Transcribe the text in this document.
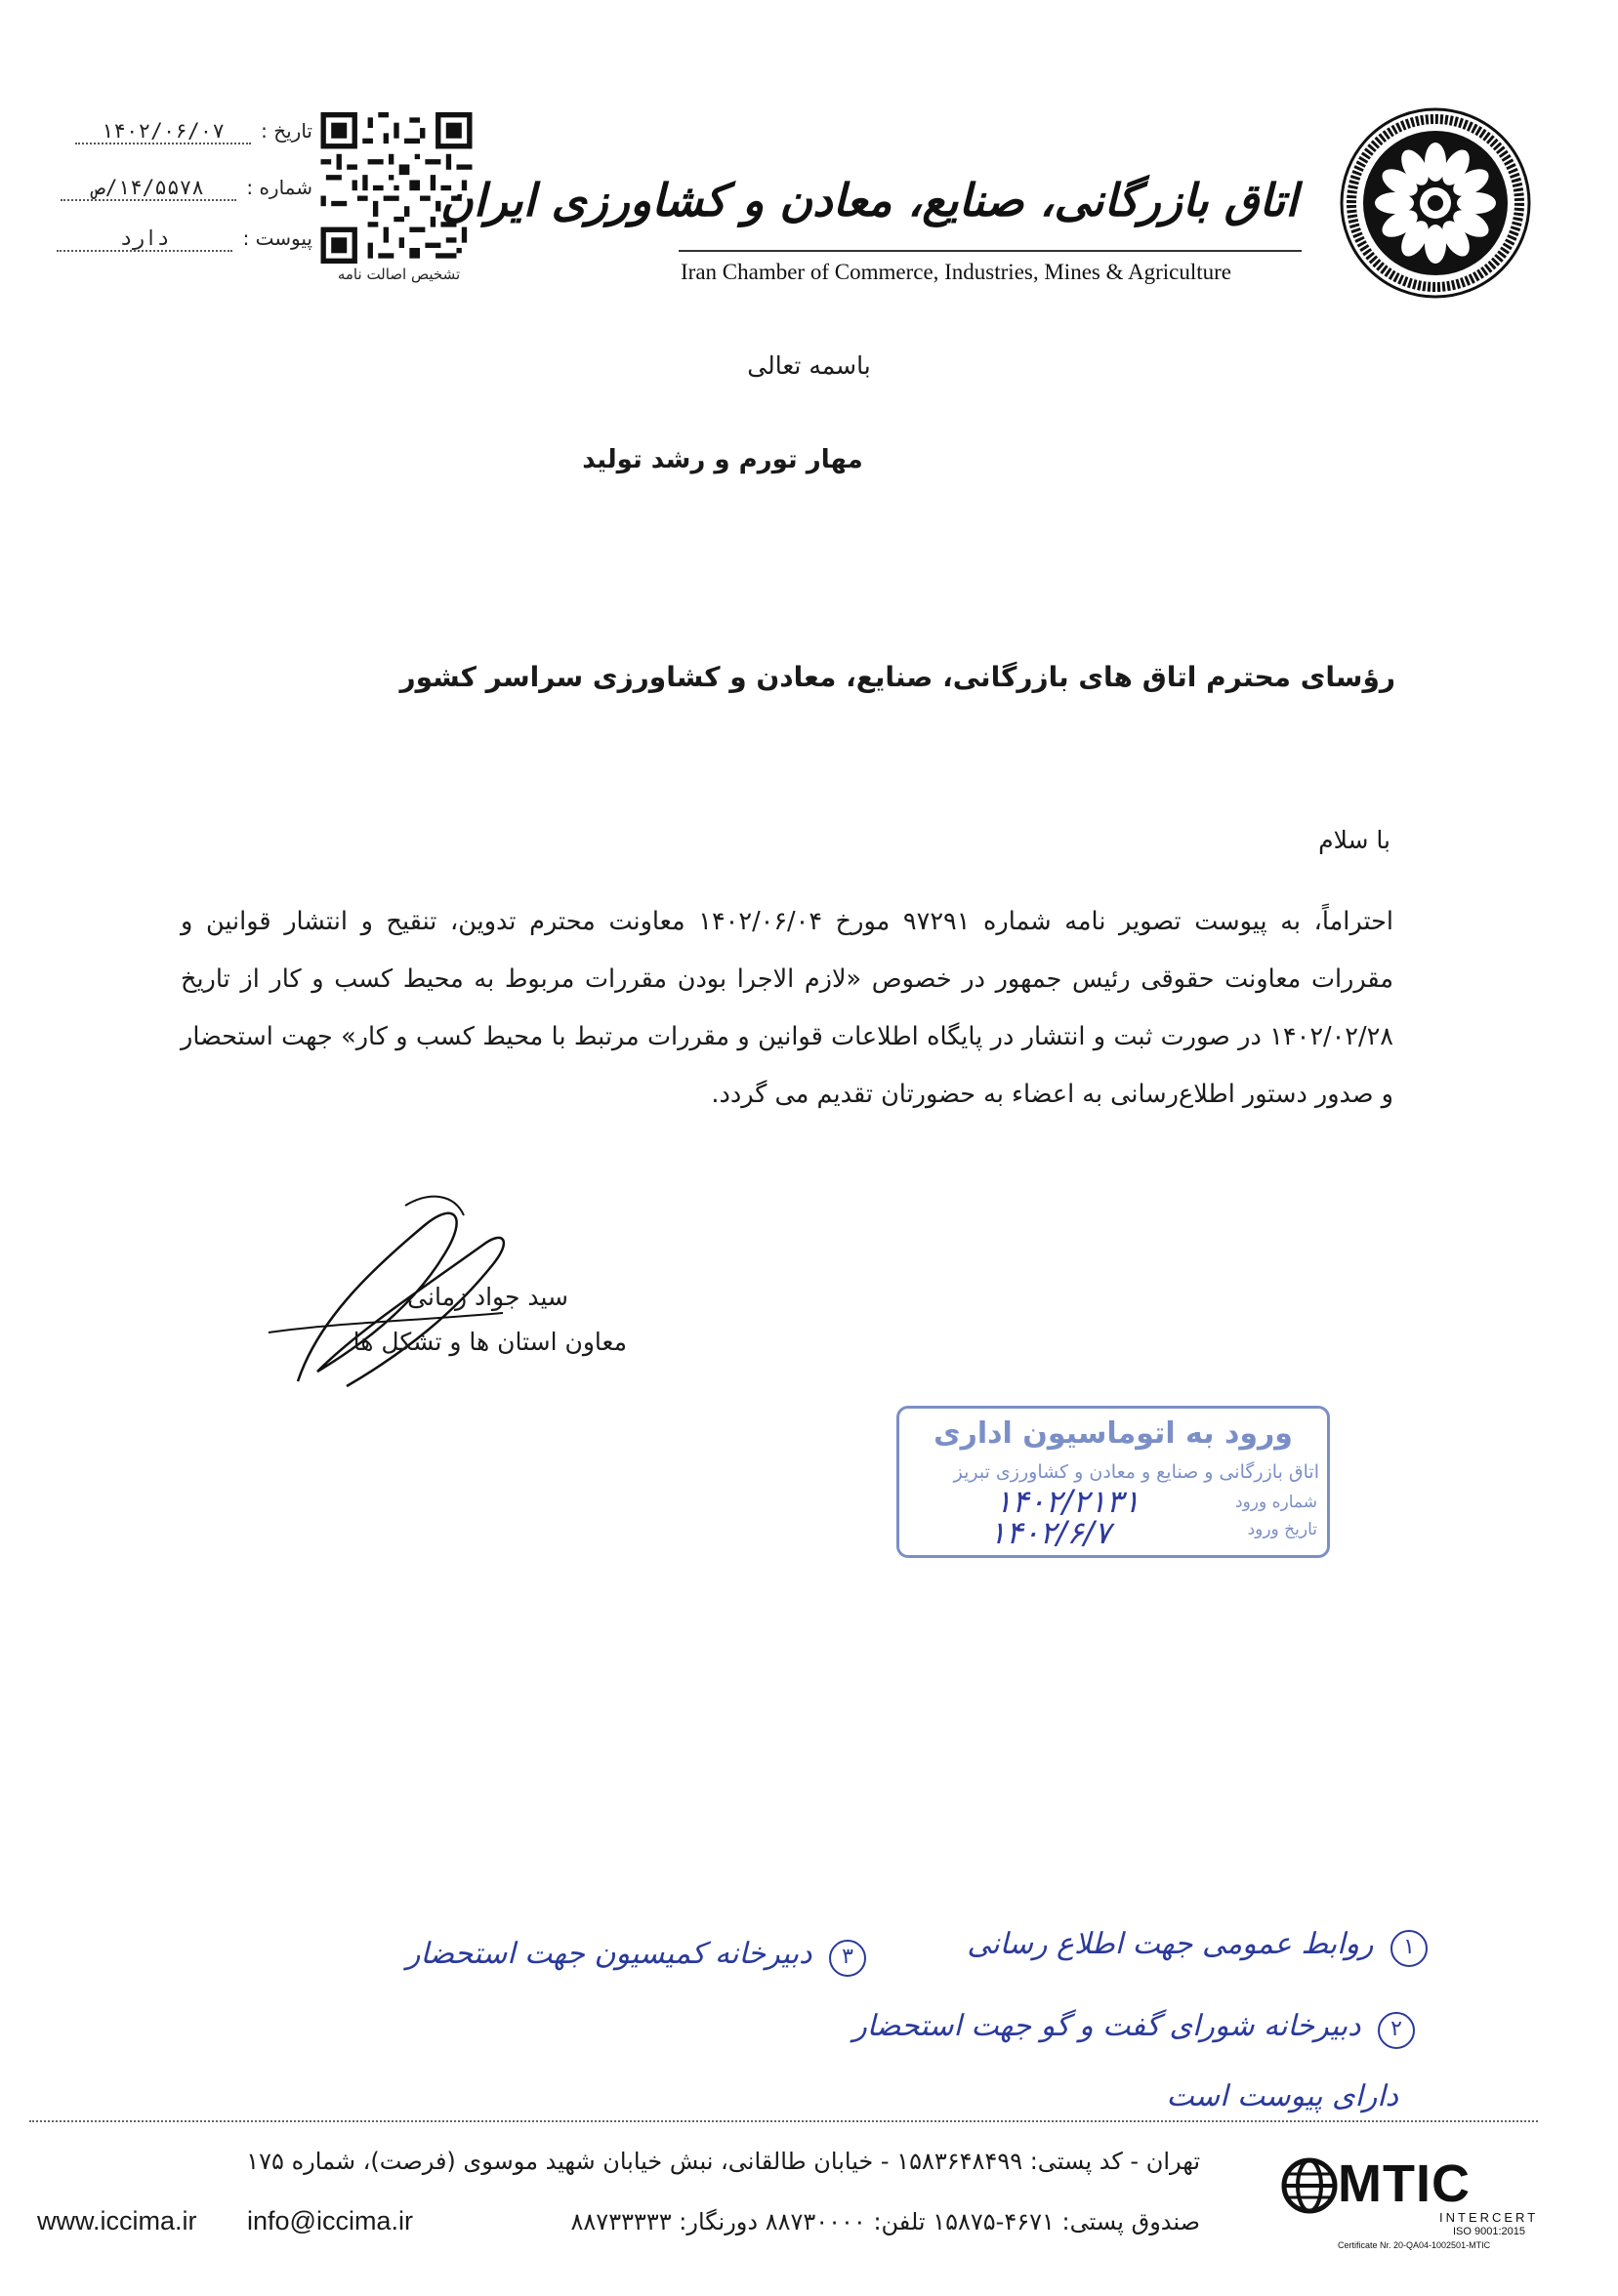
تشخیص اصالت نامه
تاریخ : ۱۴۰۲/۰۶/۰۷
شماره : ۱۴/۵۵۷۸/ص
پیوست : دارد
اتاق بازرگانی، صنایع، معادن و کشاورزی ایران
Iran Chamber of Commerce, Industries, Mines & Agriculture
باسمه تعالی
مهار تورم و رشد تولید
رؤسای محترم اتاق های بازرگانی، صنایع، معادن و کشاورزی سراسر کشور
با سلام
احتراماً، به پیوست تصویر نامه شماره ۹۷۲۹۱ مورخ ۱۴۰۲/۰۶/۰۴ معاونت محترم تدوین، تنقیح و انتشار قوانین و مقررات معاونت حقوقی رئیس جمهور در خصوص «لازم الاجرا بودن مقررات مربوط به محیط کسب و کار از تاریخ ۱۴۰۲/۰۲/۲۸ در صورت ثبت و انتشار در پایگاه اطلاعات قوانین و مقررات مرتبط با محیط کسب و کار» جهت استحضار و صدور دستور اطلاع‌رسانی به اعضاء به حضورتان تقدیم می گردد.
سید جواد زمانی
معاون استان ها و تشکل ها
ورود به اتوماسیون اداری
اتاق بازرگانی و صنایع و معادن و کشاورزی تبریز
شماره ورود
تاریخ ورود
۱۴۰۲/۲۱۳۱
۱۴۰۲/۶/۷
۱ روابط عمومی جهت اطلاع رسانی
۲ دبیرخانه شورای گفت و گو جهت استحضار
۳ دبیرخانه کمیسیون جهت استحضار
دارای پیوست است
تهران - کد پستی: ۱۵۸۳۶۴۸۴۹۹ - خیابان طالقانی، نبش خیابان شهید موسوی (فرصت)، شماره ۱۷۵
صندوق پستی: ۴۶۷۱-۱۵۸۷۵ تلفن: ۸۸۷۳۰۰۰۰ دورنگار: ۸۸۷۳۳۳۳۳
info@iccima.ir
www.iccima.ir
MTIC
INTERCERT
ISO 9001:2015
Certificate Nr. 20-QA04-1002501-MTIC
